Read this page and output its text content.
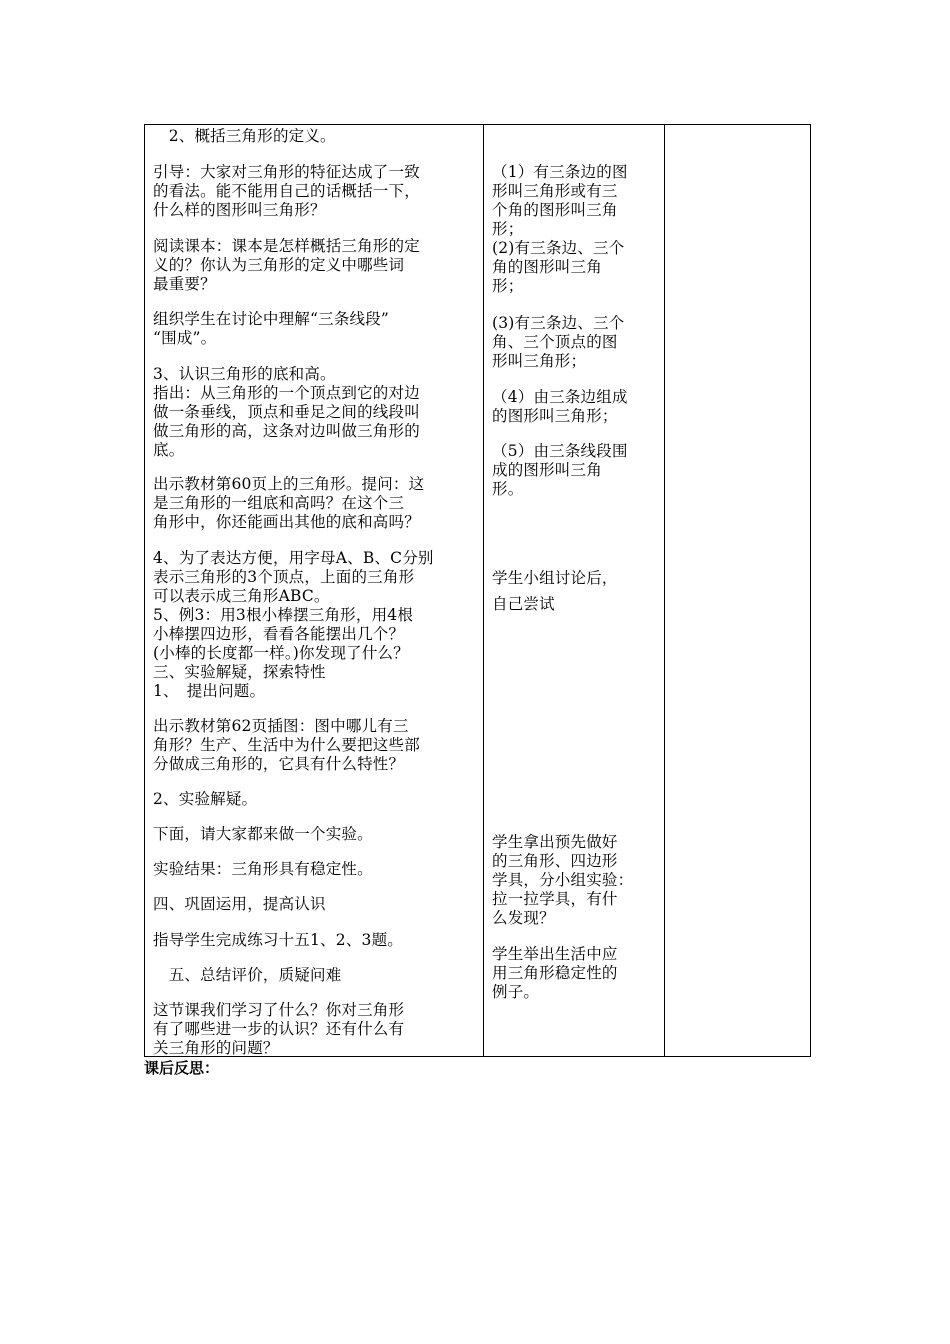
　2、概括三角形的定义。

引导：大家对三角形的特征达成了一致

的看法。能不能用自己的话概括一下，

什么样的图形叫三角形？

阅读课本：课本是怎样概括三角形的定

义的？你认为三角形的定义中哪些词

最重要？

组织学生在讨论中理解“三条线段”

“围成”。

3、认识三角形的底和高。

指出：从三角形的一个顶点到它的对边

做一条垂线，顶点和垂足之间的线段叫

做三角形的高，这条对边叫做三角形的

底。

出示教材第60页上的三角形。提问：这

是三角形的一组底和高吗？在这个三

角形中，你还能画出其他的底和高吗？

4、为了表达方便，用字母A、B、C分别

表示三角形的3个顶点，上面的三角形

可以表示成三角形ABC。

5、例3：用3根小棒摆三角形，用4根

小棒摆四边形，看看各能摆出几个？

(小棒的长度都一样。)你发现了什么？

三、实验解疑，探索特性

1、　提出问题。

出示教材第62页插图：图中哪儿有三

角形？生产、生活中为什么要把这些部

分做成三角形的，它具有什么特性？

2、实验解疑。

下面，请大家都来做一个实验。

实验结果：三角形具有稳定性。

四、巩固运用，提高认识

指导学生完成练习十五1、2、3题。

　五、总结评价，质疑问难

这节课我们学习了什么？你对三角形

有了哪些进一步的认识？还有什么有

关三角形的问题？

（1）有三条边的图

形叫三角形或有三

个角的图形叫三角

形；

(2)有三条边、三个

角的图形叫三角

形；

(3)有三条边、三个

角、三个顶点的图

形叫三角形；

（4）由三条边组成

的图形叫三角形；

（5）由三条线段围

成的图形叫三角

形。

学生小组讨论后，

自己尝试

学生拿出预先做好

的三角形、四边形

学具，分小组实验：

拉一拉学具，有什

么发现？

学生举出生活中应

用三角形稳定性的

例子。

课后反思：
